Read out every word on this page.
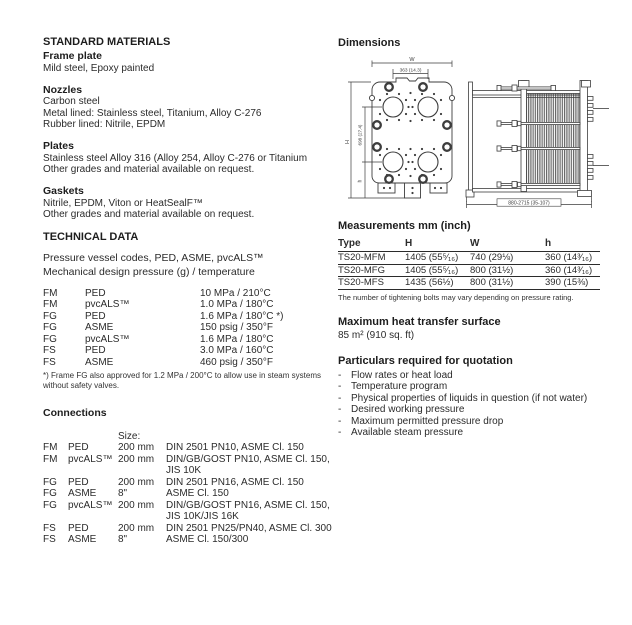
STANDARD MATERIALS
Frame plate
Mild steel, Epoxy painted
Nozzles
Carbon steel
Metal lined: Stainless steel, Titanium, Alloy C-276
Rubber lined: Nitrile, EPDM
Plates
Stainless steel Alloy 316 (Alloy 254, Alloy C-276 or Titanium
Other grades and material available on request.
Gaskets
Nitrile, EPDM, Viton or HeatSealF™
Other grades and material available on request.
TECHNICAL DATA
Pressure vessel codes, PED, ASME, pvcALS™
Mechanical design pressure (g) / temperature
FM	PED	10 MPa / 210°C
FM	pvcALS™	1.0 MPa / 180°C
FG	PED	1.6 MPa / 180°C *)
FG	ASME	150 psig / 350°F
FG	pvcALS™	1.6 MPa / 180°C
FS	PED	3.0 MPa / 160°C
FS	ASME	460 psig / 350°F
*) Frame FG also approved for 1.2 MPa / 200°C to allow use in steam systems without safety valves.
Connections
Size:
FM	PED	200 mm	DIN 2501 PN10, ASME Cl. 150
FM	pvcALS™ 200 mm	DIN/GB/GOST PN10, ASME Cl. 150, JIS 10K
FG	PED	200 mm	DIN 2501 PN16, ASME Cl. 150
FG	ASME	8"	ASME Cl. 150
FG	pvcALS™ 200 mm	DIN/GB/GOST PN16, ASME Cl. 150, JIS 10K/JIS 16K
FS	PED	200 mm	DIN 2501 PN25/PN40, ASME Cl. 300
FS	ASME	8"	ASME Cl. 150/300
Dimensions
W
363 (14.3)
H 698 (27.4)
h
880-2715 (35-107)
Measurements mm (inch)
Type	H	W	h
TS20-MFM	1405 (55⁵⁄₁₆)	740 (29⅛)	360 (14³⁄₁₆)
TS20-MFG	1405 (55⁵⁄₁₆)	800 (31½)	360 (14³⁄₁₆)
TS20-MFS	1435 (56½)	800 (31½)	390 (15⅜)
The number of tightening bolts may vary depending on pressure rating.
Maximum heat transfer surface
85 m² (910 sq. ft)
Particulars required for quotation
- Flow rates or heat load
- Temperature program
- Physical properties of liquids in question (if not water)
- Desired working pressure
- Maximum permitted pressure drop
- Available steam pressure
